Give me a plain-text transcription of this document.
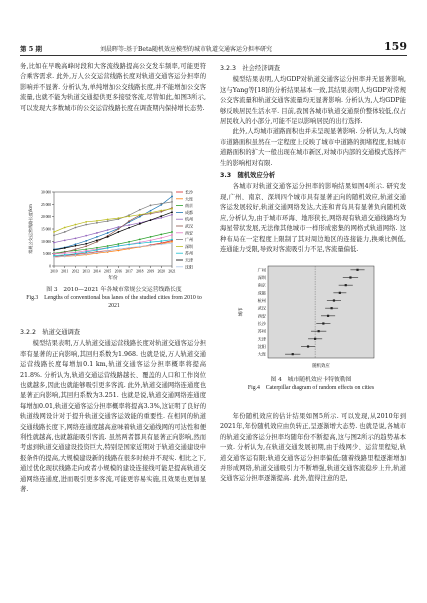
第 5 期	刘晨晖等:基于Beta随机效应模型的城市轨道交通客运分担率研究	159

务,比如在早晚高峰时段和大客流线路提高公交发车频率,可能更符合乘客需求. 此外,万人公交运营线路长度对轨道交通客运分担率的影响并不显著. 分析认为,单纯增加公交线路长度,并不能增加公交客流量,也就不能为轨道交通提供更多接驳客流,尽管如此,如图3所示,可以发现大多数城市的公交运营线路长度在调查期内保持增长态势.

0
5 000
10 000
15 000
20 000
25 000
30 000
2010 2011 2012 2013 2014 2015 2016 2017 2018 2019 2020 2021
年份
常规公交运营线路长度/km
长沙
大连
南京
成都
杭州
武汉
西安
广州
深圳
苏州
天津
沈阳
图 3　2010—2021 年各城市常规公交运营线路长度
Fig.3　Lengths of conventional bus lanes of the studied cities from 2010 to 2021
3.2.2　轨道交通调查

模型结果表明,万人轨道交通运营线路长度对轨道交通客运分担率有显著的正向影响,其回归系数为1.968. 也就是说,万人轨道交通运营线路长度每增加0.1 km,轨道交通客运分担率概率将提高21.8%. 分析认为,轨道交通运营线路越长、覆盖的人口和工作岗位也就越多,因此也就能够吸引更多客流. 此外,轨道交通网络连通度也显著正向影响,其回归系数为3.251. 也就是说,轨道交通网络连通度每增加0.01,轨道交通客运分担率概率将提高3.3%,这证明了良好的轨道线网设计对于提升轨道交通客运效能的重要性. 在相同的轨道交通线路长度下,网络连通度越高意味着轨道交通线网的可达性和便利性就越高,也就越能吸引客流. 虽然两者都具有显著正向影响,然而考虑到轨道交通建设投资巨大,特别是国家近期对于轨道交通建设申报条件的提高,大规模建设新的线路在很多时候并不现实. 相比之下,通过优化现状线路走向或者小规模的建设连接线可能是提高轨道交通网络连通度,进而吸引更多客流,可能更容易实施,且效果也更加显著.

3.2.3　社会经济调查

模型结果表明,人均GDP对轨道交通客运分担率并无显著影响,这与Yang等[18]的分析结果基本一致,其结果表明人均GDP对常规公交客流量和轨道交通客流量均无显著影响. 分析认为,人均GDP能够反映居民生活水平. 目前,我国各城市轨道交通票价整体较低,仅占居民收入的小部分,可能不足以影响居民的出行选择.

此外,人均城市道路面积也并未呈现显著影响. 分析认为,人均城市道路面积虽然在一定程度上反映了城市中道路的拥堵程度,但城市道路面积的扩大一般出现在城市新区,对城市内部的交通模式选择产生的影响相对有限.

3.3　随机效应分析

各城市对轨道交通客运分担率的影响结果如图4所示. 研究发现,广州、南京、深圳四个城市具有显著正向的随机效应,轨道交通客运发展较好,轨道交通网络发达,大连和青岛具有显著负向随机效应,分析认为,由于城市环海、地形狭长,网络现有轨道交通线路均为海星带状发展,无法像其他城市一样形成密集的网格式轨道网络. 这种布局在一定程度上限制了其对周边地区的连接能力,换乘比例低,连通能力受限,导致对客流吸引力不足,客流量偏低.

广州
深圳
南京
成都
杭州
武汉
西安
长沙
苏州
天津
沈阳
大连
随机效应
城市
图 4　城市随机效应卡特彼勒图
Fig.4　Caterpillar diagram of random effects on cities

年份随机效应的估计结果如图5所示. 可以发现,从2010年到2021年,年份随机效应由负转正,呈逐渐增大态势. 也就是说,各城市的轨道交通客运分担率均随年份不断提高,这与图2所示的趋势基本一致. 分析认为,在轨道交通发展初期,由于线网少、运营里程短,轨道交通客运有限;轨道交通客运分担率偏低;随着线路里程逐渐增加并形成网络,轨道交通吸引力不断增强,轨道交通客流稳步上升,轨道交通客运分担率逐渐提高. 此外,值得注意的是,
